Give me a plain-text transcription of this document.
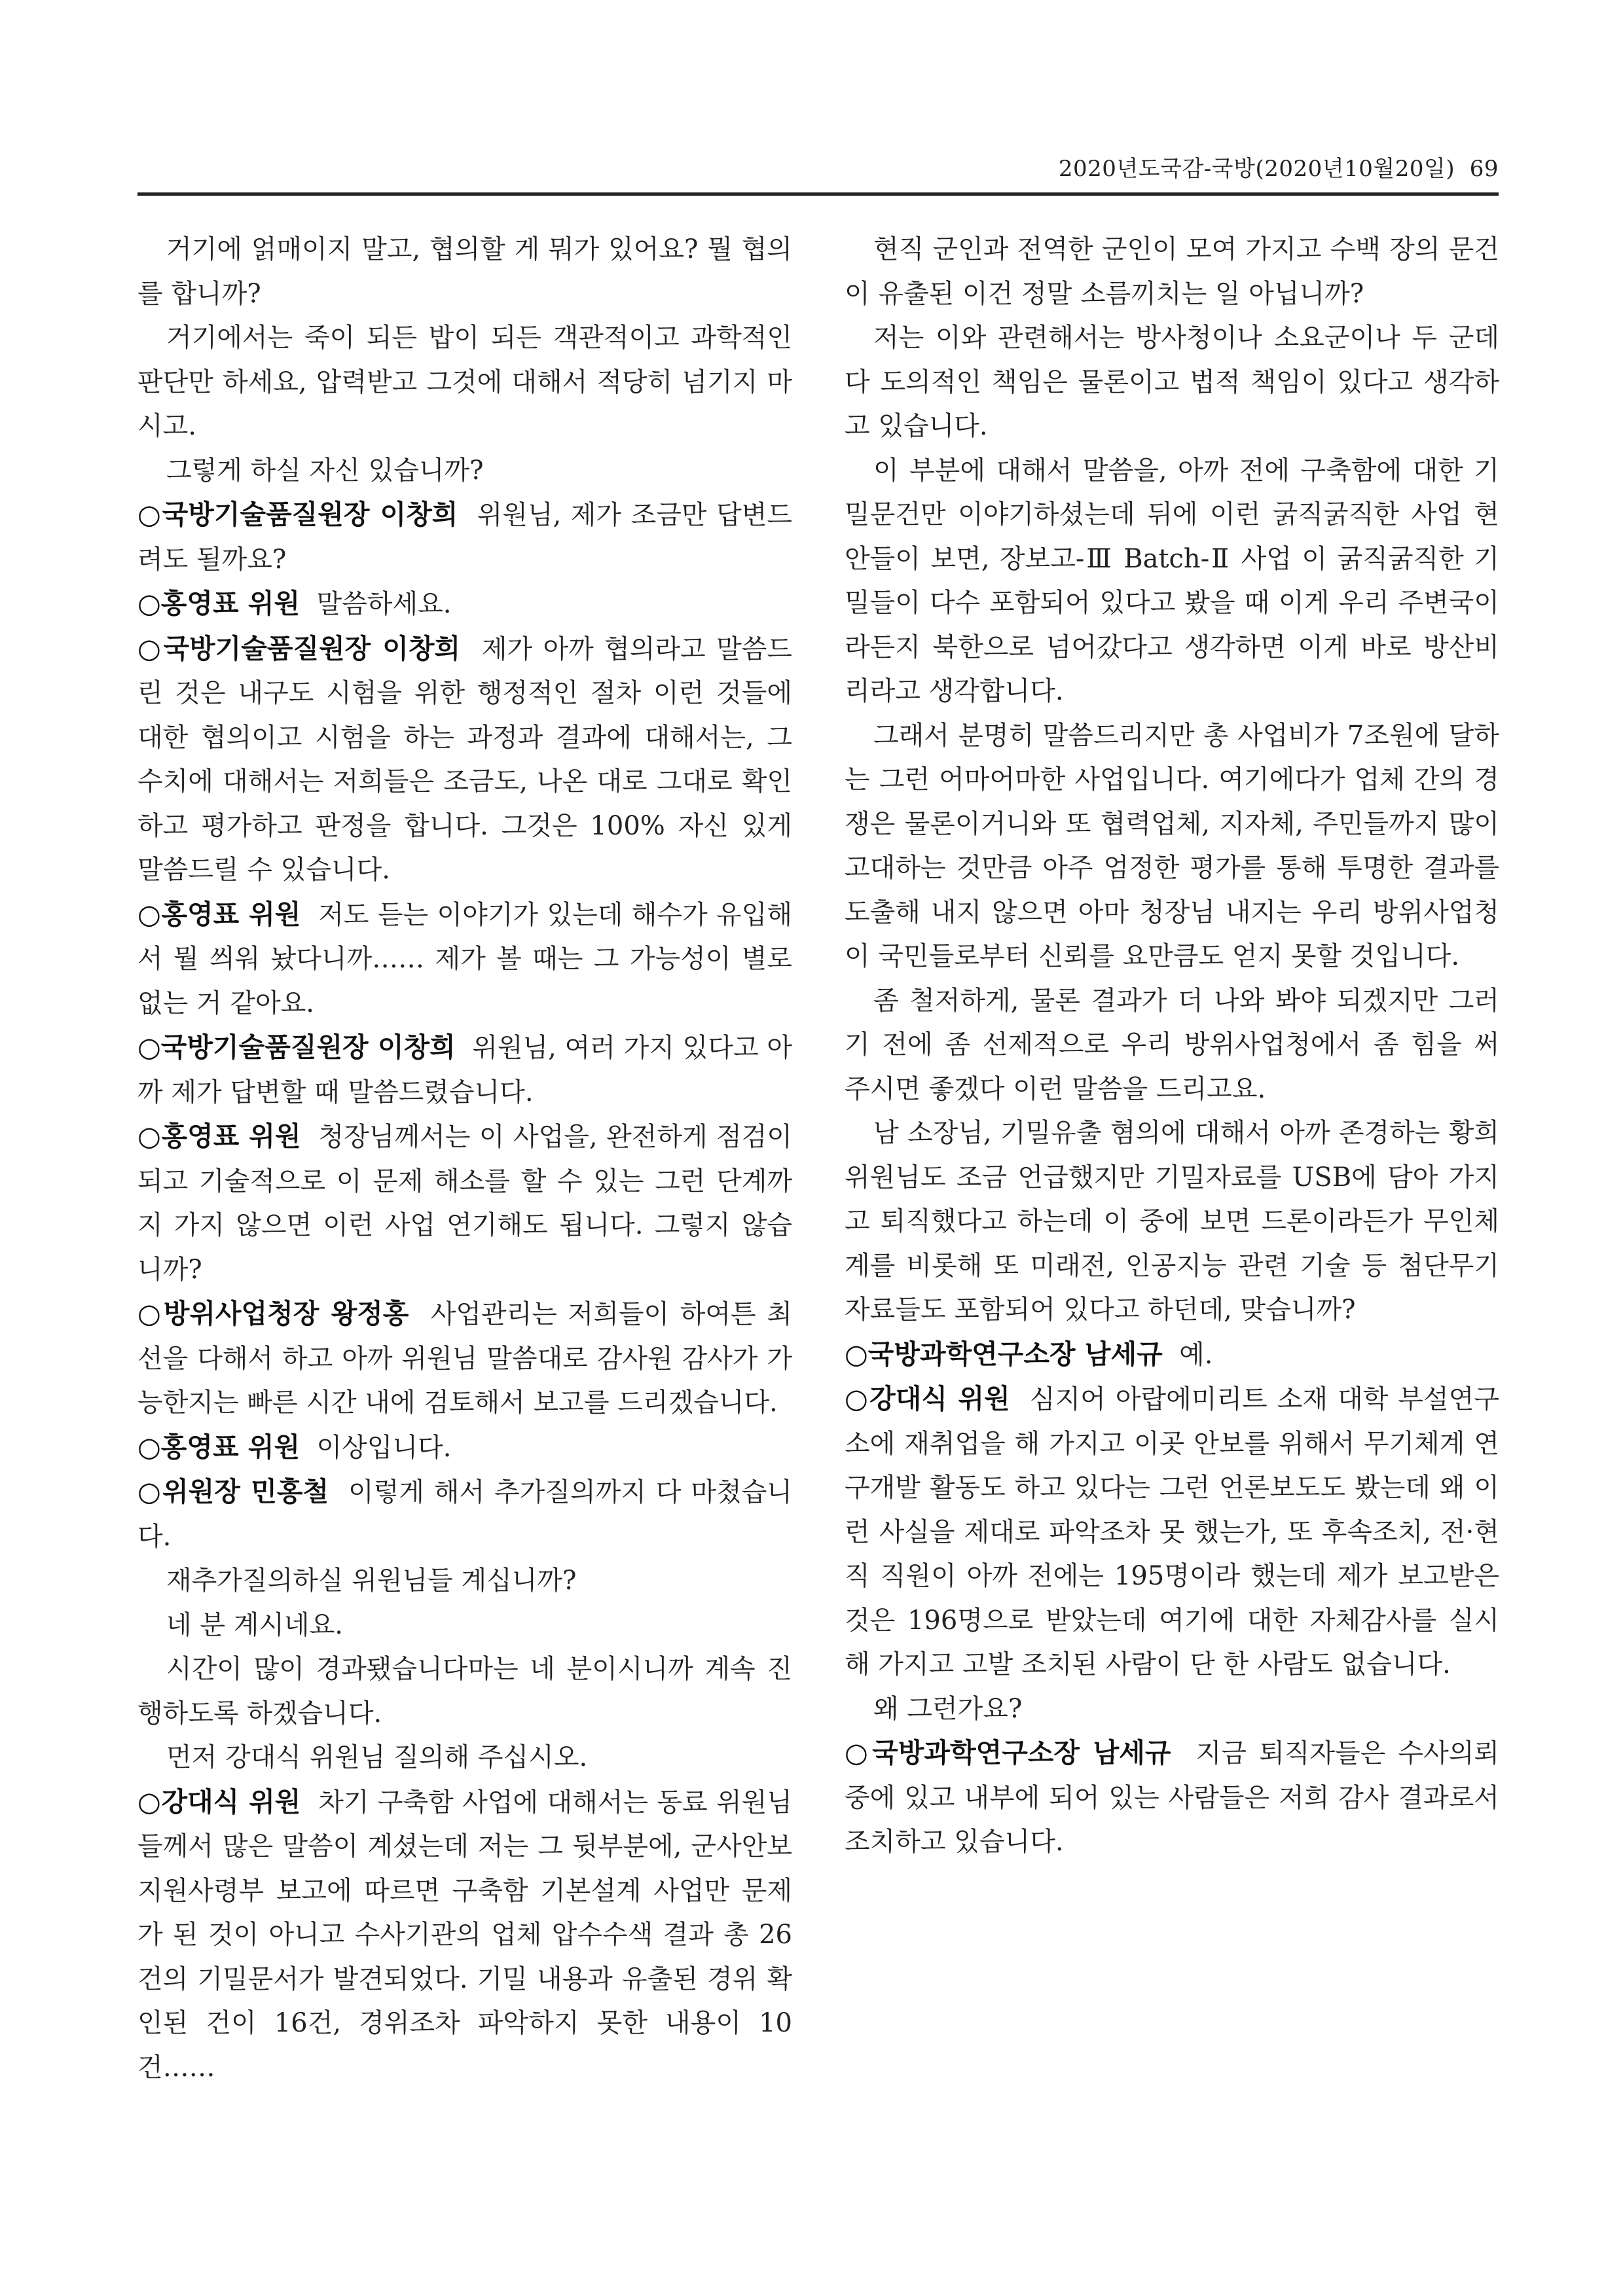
2020년도국감-국방(2020년10월20일) 69

거기에 얽매이지 말고, 협의할 게 뭐가 있어요? 뭘 협의를 합니까?

거기에서는 죽이 되든 밥이 되든 객관적이고 과학적인 판단만 하세요, 압력받고 그것에 대해서 적당히 넘기지 마시고.

그렇게 하실 자신 있습니까?

○국방기술품질원장 이창희 위원님, 제가 조금만 답변드려도 될까요?

○홍영표 위원 말씀하세요.

○국방기술품질원장 이창희 제가 아까 협의라고 말씀드린 것은 내구도 시험을 위한 행정적인 절차 이런 것들에 대한 협의이고 시험을 하는 과정과 결과에 대해서는, 그 수치에 대해서는 저희들은 조금도, 나온 대로 그대로 확인하고 평가하고 판정을 합니다. 그것은 100% 자신 있게 말씀드릴 수 있습니다.

○홍영표 위원 저도 듣는 이야기가 있는데 해수가 유입해서 뭘 씌워 놨다니까…… 제가 볼 때는 그 가능성이 별로 없는 거 같아요.

○국방기술품질원장 이창희 위원님, 여러 가지 있다고 아까 제가 답변할 때 말씀드렸습니다.

○홍영표 위원 청장님께서는 이 사업을, 완전하게 점검이 되고 기술적으로 이 문제 해소를 할 수 있는 그런 단계까지 가지 않으면 이런 사업 연기해도 됩니다. 그렇지 않습니까?

○방위사업청장 왕정홍 사업관리는 저희들이 하여튼 최선을 다해서 하고 아까 위원님 말씀대로 감사원 감사가 가능한지는 빠른 시간 내에 검토해서 보고를 드리겠습니다.

○홍영표 위원 이상입니다.

○위원장 민홍철 이렇게 해서 추가질의까지 다 마쳤습니다.

재추가질의하실 위원님들 계십니까?

네 분 계시네요.

시간이 많이 경과됐습니다마는 네 분이시니까 계속 진행하도록 하겠습니다.

먼저 강대식 위원님 질의해 주십시오.

○강대식 위원 차기 구축함 사업에 대해서는 동료 위원님들께서 많은 말씀이 계셨는데 저는 그 뒷부분에, 군사안보지원사령부 보고에 따르면 구축함 기본설계 사업만 문제가 된 것이 아니고 수사기관의 업체 압수수색 결과 총 26건의 기밀문서가 발견되었다. 기밀 내용과 유출된 경위 확인된 건이 16건, 경위조차 파악하지 못한 내용이 10건……

현직 군인과 전역한 군인이 모여 가지고 수백 장의 문건이 유출된 이건 정말 소름끼치는 일 아닙니까?

저는 이와 관련해서는 방사청이나 소요군이나 두 군데 다 도의적인 책임은 물론이고 법적 책임이 있다고 생각하고 있습니다.

이 부분에 대해서 말씀을, 아까 전에 구축함에 대한 기밀문건만 이야기하셨는데 뒤에 이런 굵직굵직한 사업 현안들이 보면, 장보고-Ⅲ Batch-Ⅱ 사업 이 굵직굵직한 기밀들이 다수 포함되어 있다고 봤을 때 이게 우리 주변국이라든지 북한으로 넘어갔다고 생각하면 이게 바로 방산비리라고 생각합니다.

그래서 분명히 말씀드리지만 총 사업비가 7조원에 달하는 그런 어마어마한 사업입니다. 여기에다가 업체 간의 경쟁은 물론이거니와 또 협력업체, 지자체, 주민들까지 많이 고대하는 것만큼 아주 엄정한 평가를 통해 투명한 결과를 도출해 내지 않으면 아마 청장님 내지는 우리 방위사업청이 국민들로부터 신뢰를 요만큼도 얻지 못할 것입니다.

좀 철저하게, 물론 결과가 더 나와 봐야 되겠지만 그러기 전에 좀 선제적으로 우리 방위사업청에서 좀 힘을 써 주시면 좋겠다 이런 말씀을 드리고요.

남 소장님, 기밀유출 혐의에 대해서 아까 존경하는 황희 위원님도 조금 언급했지만 기밀자료를 USB에 담아 가지고 퇴직했다고 하는데 이 중에 보면 드론이라든가 무인체계를 비롯해 또 미래전, 인공지능 관련 기술 등 첨단무기 자료들도 포함되어 있다고 하던데, 맞습니까?

○국방과학연구소장 남세규 예.

○강대식 위원 심지어 아랍에미리트 소재 대학 부설연구소에 재취업을 해 가지고 이곳 안보를 위해서 무기체계 연구개발 활동도 하고 있다는 그런 언론보도도 봤는데 왜 이런 사실을 제대로 파악조차 못 했는가, 또 후속조치, 전·현직 직원이 아까 전에는 195명이라 했는데 제가 보고받은 것은 196명으로 받았는데 여기에 대한 자체감사를 실시해 가지고 고발 조치된 사람이 단 한 사람도 없습니다.

왜 그런가요?

○국방과학연구소장 남세규 지금 퇴직자들은 수사의뢰 중에 있고 내부에 되어 있는 사람들은 저희 감사 결과로서 조치하고 있습니다.
